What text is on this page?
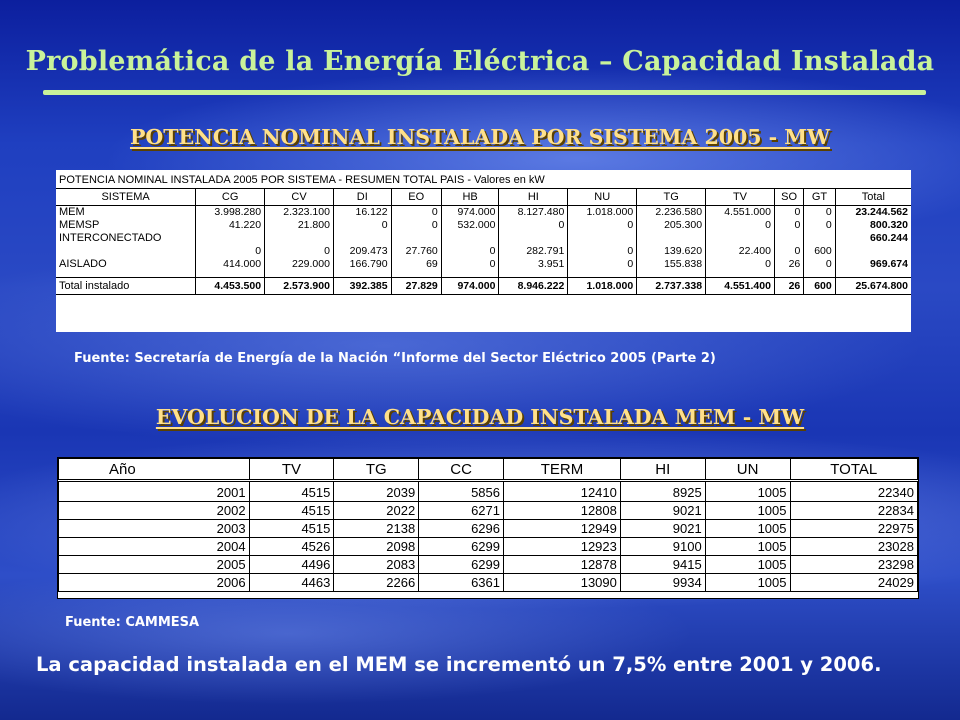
Problemática de la Energía Eléctrica – Capacidad Instalada
POTENCIA NOMINAL INSTALADA POR SISTEMA 2005 - MW
POTENCIA NOMINAL INSTALADA 2005 POR SISTEMA - RESUMEN TOTAL PAIS - Valores en kW												
SISTEMA	CG	CV	DI	EO	HB	HI	NU	TG	TV	SO	GT	Total
MEM	3.998.280	2.323.100	16.122	0	974.000	8.127.480	1.018.000	2.236.580	4.551.000	0	0	23.244.562
MEMSP	41.220	21.800	0	0	532.000	0	0	205.300	0	0	0	800.320
INTERCONECTADO												660.244
	0	0	209.473	27.760	0	282.791	0	139.620	22.400	0	600	
AISLADO	414.000	229.000	166.790	69	0	3.951	0	155.838	0	26	0	969.674

Total instalado	4.453.500	2.573.900	392.385	27.829	974.000	8.946.222	1.018.000	2.737.338	4.551.400	26	600	25.674.800
Fuente: Secretaría de Energía de la Nación “Informe del Sector Eléctrico 2005 (Parte 2)
EVOLUCION DE LA CAPACIDAD INSTALADA MEM - MW
Año	TV	TG	CC	TERM	HI	UN	TOTAL
2001	4515	2039	5856	12410	8925	1005	22340
2002	4515	2022	6271	12808	9021	1005	22834
2003	4515	2138	6296	12949	9021	1005	22975
2004	4526	2098	6299	12923	9100	1005	23028
2005	4496	2083	6299	12878	9415	1005	23298
2006	4463	2266	6361	13090	9934	1005	24029
Fuente: CAMMESA
La capacidad instalada en el MEM se incrementó un 7,5% entre 2001 y 2006.
